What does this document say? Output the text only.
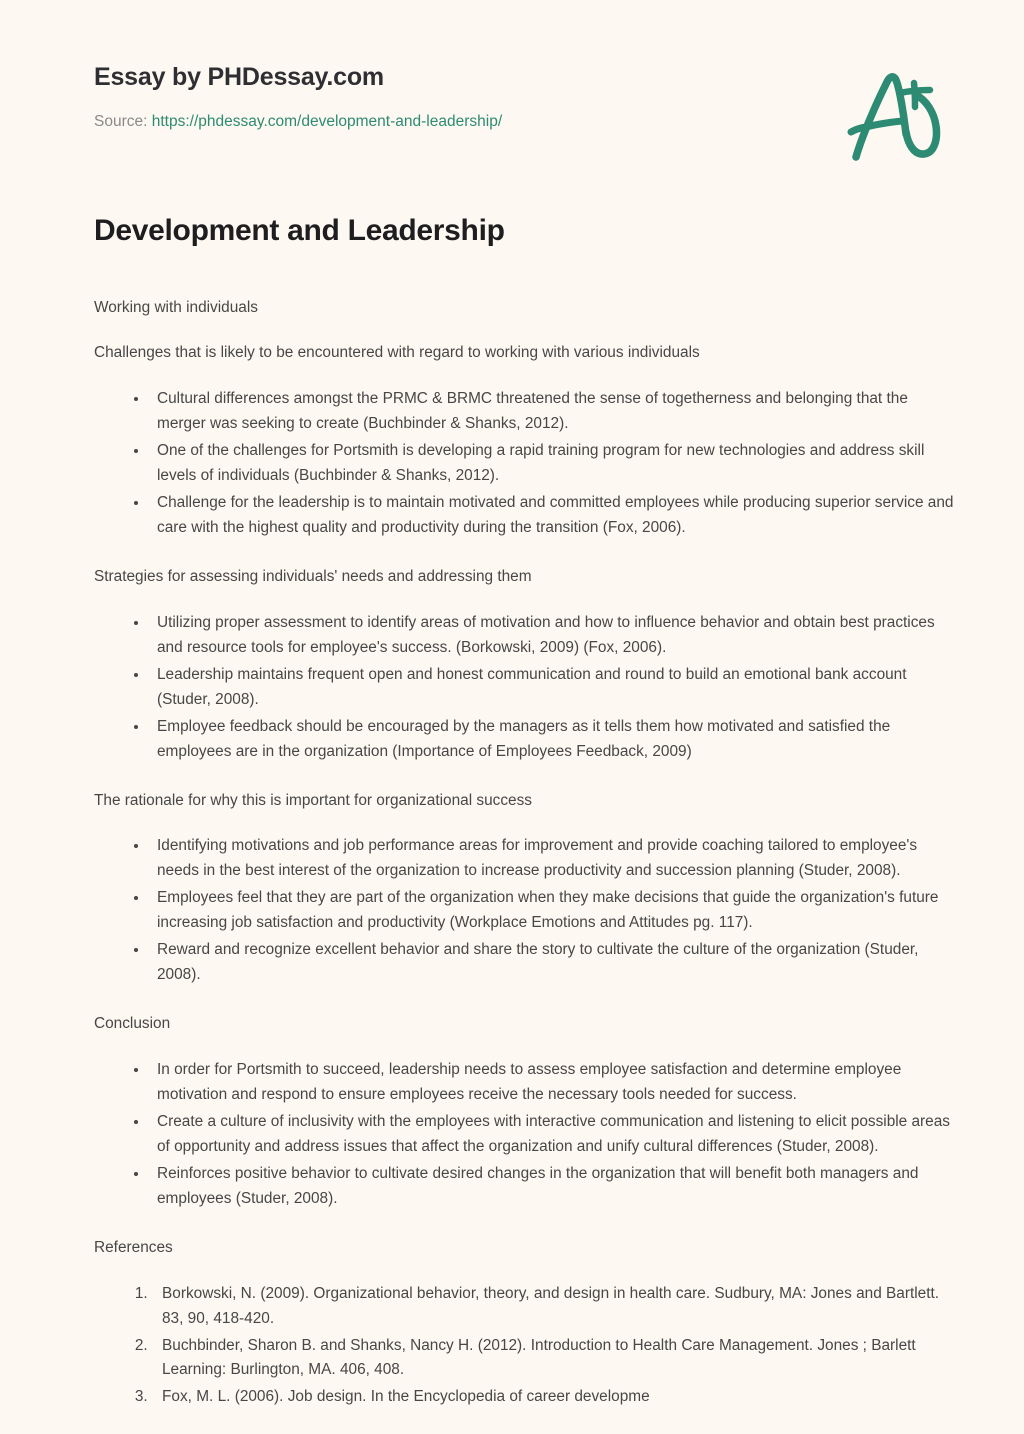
Essay by PHDessay.com
Source: https://phdessay.com/development-and-leadership/
Development and Leadership

Working with individuals

Challenges that is likely to be encountered with regard to working with various individuals

• Cultural differences amongst the PRMC & BRMC threatened the sense of togetherness and belonging that the merger was seeking to create (Buchbinder & Shanks, 2012).
• One of the challenges for Portsmith is developing a rapid training program for new technologies and address skill levels of individuals (Buchbinder & Shanks, 2012).
• Challenge for the leadership is to maintain motivated and committed employees while producing superior service and care with the highest quality and productivity during the transition (Fox, 2006).

Strategies for assessing individuals' needs and addressing them

• Utilizing proper assessment to identify areas of motivation and how to influence behavior and obtain best practices and resource tools for employee's success. (Borkowski, 2009) (Fox, 2006).
• Leadership maintains frequent open and honest communication and round to build an emotional bank account (Studer, 2008).
• Employee feedback should be encouraged by the managers as it tells them how motivated and satisfied the employees are in the organization (Importance of Employees Feedback, 2009)

The rationale for why this is important for organizational success

• Identifying motivations and job performance areas for improvement and provide coaching tailored to employee's needs in the best interest of the organization to increase productivity and succession planning (Studer, 2008).
• Employees feel that they are part of the organization when they make decisions that guide the organization's future increasing job satisfaction and productivity (Workplace Emotions and Attitudes pg. 117).
• Reward and recognize excellent behavior and share the story to cultivate the culture of the organization (Studer, 2008).

Conclusion

• In order for Portsmith to succeed, leadership needs to assess employee satisfaction and determine employee motivation and respond to ensure employees receive the necessary tools needed for success.
• Create a culture of inclusivity with the employees with interactive communication and listening to elicit possible areas of opportunity and address issues that affect the organization and unify cultural differences (Studer, 2008).
• Reinforces positive behavior to cultivate desired changes in the organization that will benefit both managers and employees (Studer, 2008).

References

1. Borkowski, N. (2009). Organizational behavior, theory, and design in health care. Sudbury, MA: Jones and Bartlett. 83, 90, 418-420.
2. Buchbinder, Sharon B. and Shanks, Nancy H. (2012). Introduction to Health Care Management. Jones ; Barlett Learning: Burlington, MA. 406, 408.
3. Fox, M. L. (2006). Job design. In the Encyclopedia of career developme
